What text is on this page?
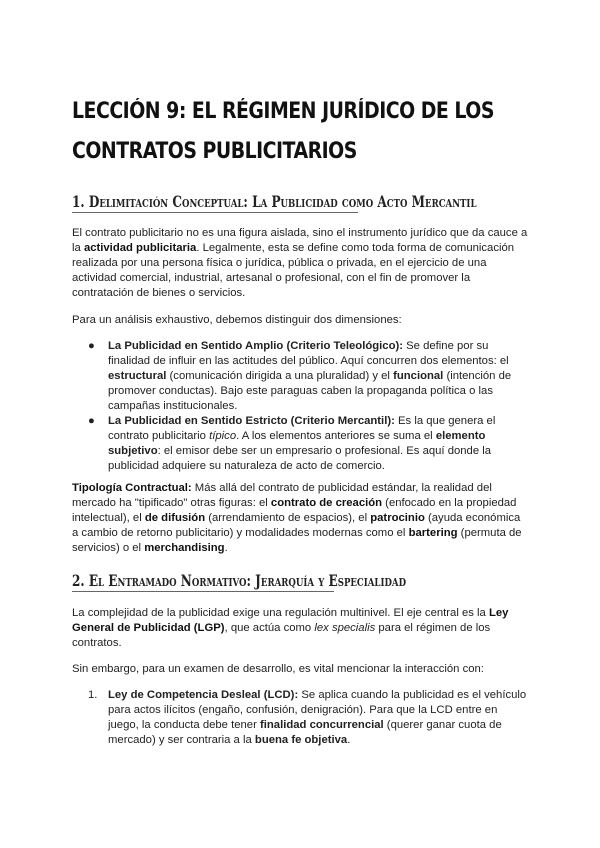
LECCIÓN 9: EL RÉGIMEN JURÍDICO DE LOS CONTRATOS PUBLICITARIOS
1. Delimitación Conceptual: La Publicidad como Acto Mercantil

El contrato publicitario no es una figura aislada, sino el instrumento jurídico que da cauce a la actividad publicitaria. Legalmente, esta se define como toda forma de comunicación realizada por una persona física o jurídica, pública o privada, en el ejercicio de una actividad comercial, industrial, artesanal o profesional, con el fin de promover la contratación de bienes o servicios.

Para un análisis exhaustivo, debemos distinguir dos dimensiones:

● La Publicidad en Sentido Amplio (Criterio Teleológico): Se define por su finalidad de influir en las actitudes del público. Aquí concurren dos elementos: el estructural (comunicación dirigida a una pluralidad) y el funcional (intención de promover conductas). Bajo este paraguas caben la propaganda política o las campañas institucionales.
● La Publicidad en Sentido Estricto (Criterio Mercantil): Es la que genera el contrato publicitario típico. A los elementos anteriores se suma el elemento subjetivo: el emisor debe ser un empresario o profesional. Es aquí donde la publicidad adquiere su naturaleza de acto de comercio.

Tipología Contractual: Más allá del contrato de publicidad estándar, la realidad del mercado ha "tipificado" otras figuras: el contrato de creación (enfocado en la propiedad intelectual), el de difusión (arrendamiento de espacios), el patrocinio (ayuda económica a cambio de retorno publicitario) y modalidades modernas como el bartering (permuta de servicios) o el merchandising.

2. El Entramado Normativo: Jerarquía y Especialidad

La complejidad de la publicidad exige una regulación multinivel. El eje central es la Ley General de Publicidad (LGP), que actúa como lex specialis para el régimen de los contratos.

Sin embargo, para un examen de desarrollo, es vital mencionar la interacción con:

1. Ley de Competencia Desleal (LCD): Se aplica cuando la publicidad es el vehículo para actos ilícitos (engaño, confusión, denigración). Para que la LCD entre en juego, la conducta debe tener finalidad concurrencial (querer ganar cuota de mercado) y ser contraria a la buena fe objetiva.
